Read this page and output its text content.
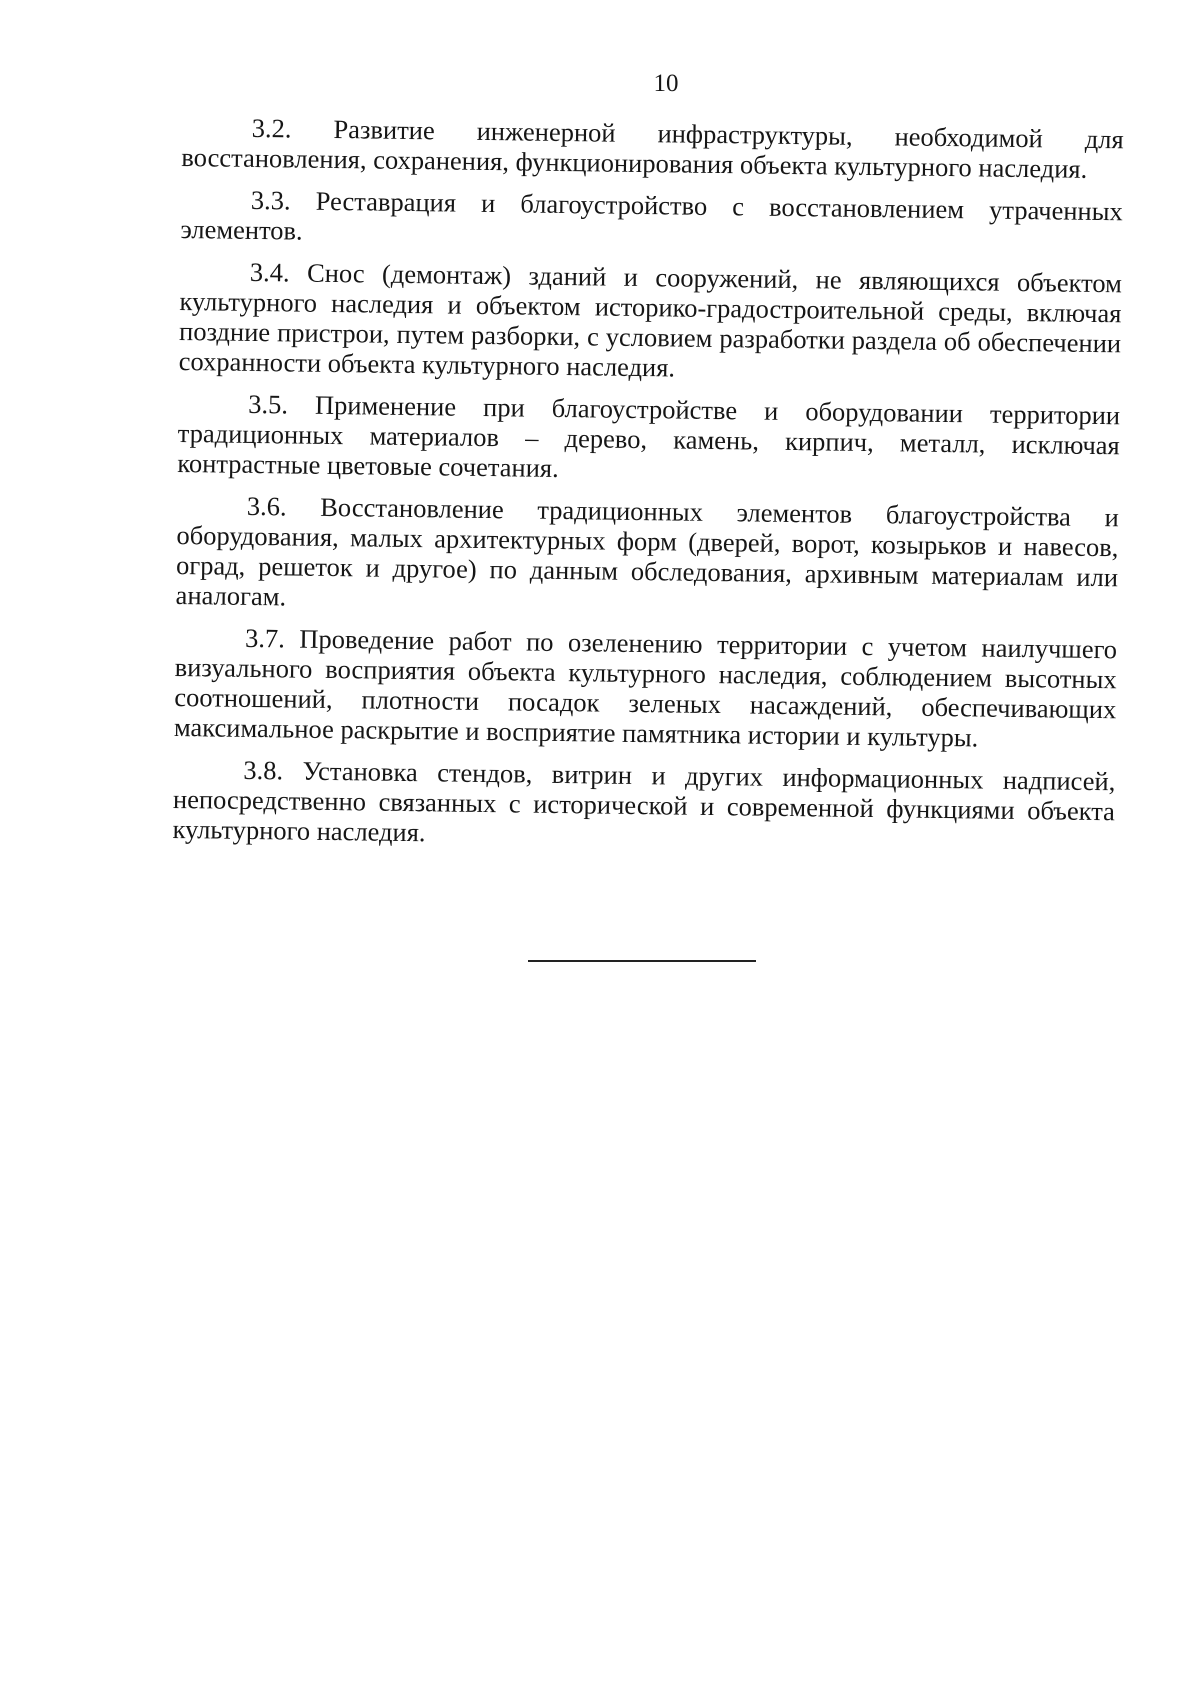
10

3.2. Развитие инженерной инфраструктуры, необходимой для восстановления, сохранения, функционирования объекта культурного наследия.

3.3. Реставрация и благоустройство с восстановлением утраченных элементов.

3.4. Снос (демонтаж) зданий и сооружений, не являющихся объектом культурного наследия и объектом историко-градостроительной среды, включая поздние пристрои, путем разборки, с условием разработки раздела об обеспечении сохранности объекта культурного наследия.

3.5. Применение при благоустройстве и оборудовании территории традиционных материалов – дерево, камень, кирпич, металл, исключая контрастные цветовые сочетания.

3.6. Восстановление традиционных элементов благоустройства и оборудования, малых архитектурных форм (дверей, ворот, козырьков и навесов, оград, решеток и другое) по данным обследования, архивным материалам или аналогам.

3.7. Проведение работ по озеленению территории с учетом наилучшего визуального восприятия объекта культурного наследия, соблюдением высотных соотношений, плотности посадок зеленых насаждений, обеспечивающих максимальное раскрытие и восприятие памятника истории и культуры.

3.8. Установка стендов, витрин и других информационных надписей, непосредственно связанных с исторической и современной функциями объекта культурного наследия.
